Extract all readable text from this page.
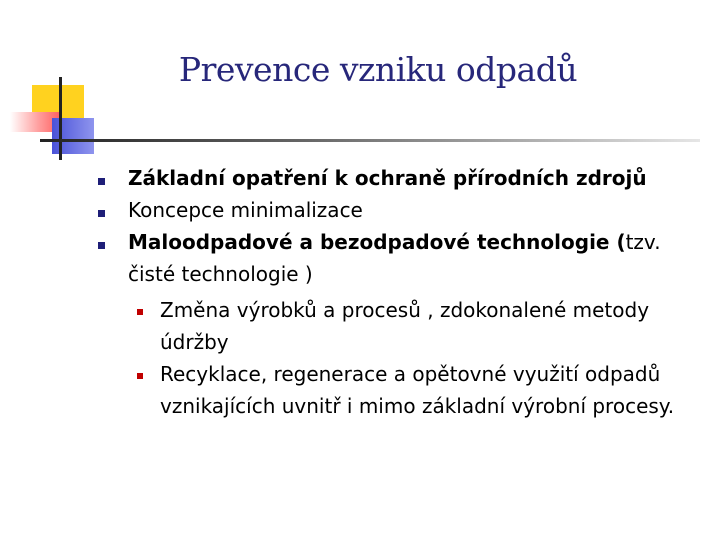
Prevence vzniku odpadů
Základní opatření k ochraně přírodních zdrojů
Koncepce minimalizace
Maloodpadové a bezodpadové technologie (tzv.
čisté technologie )
Změna výrobků a procesů , zdokonalené metody
údržby
Recyklace, regenerace a opětovné využití odpadů
vznikajících uvnitř i mimo základní výrobní procesy.
